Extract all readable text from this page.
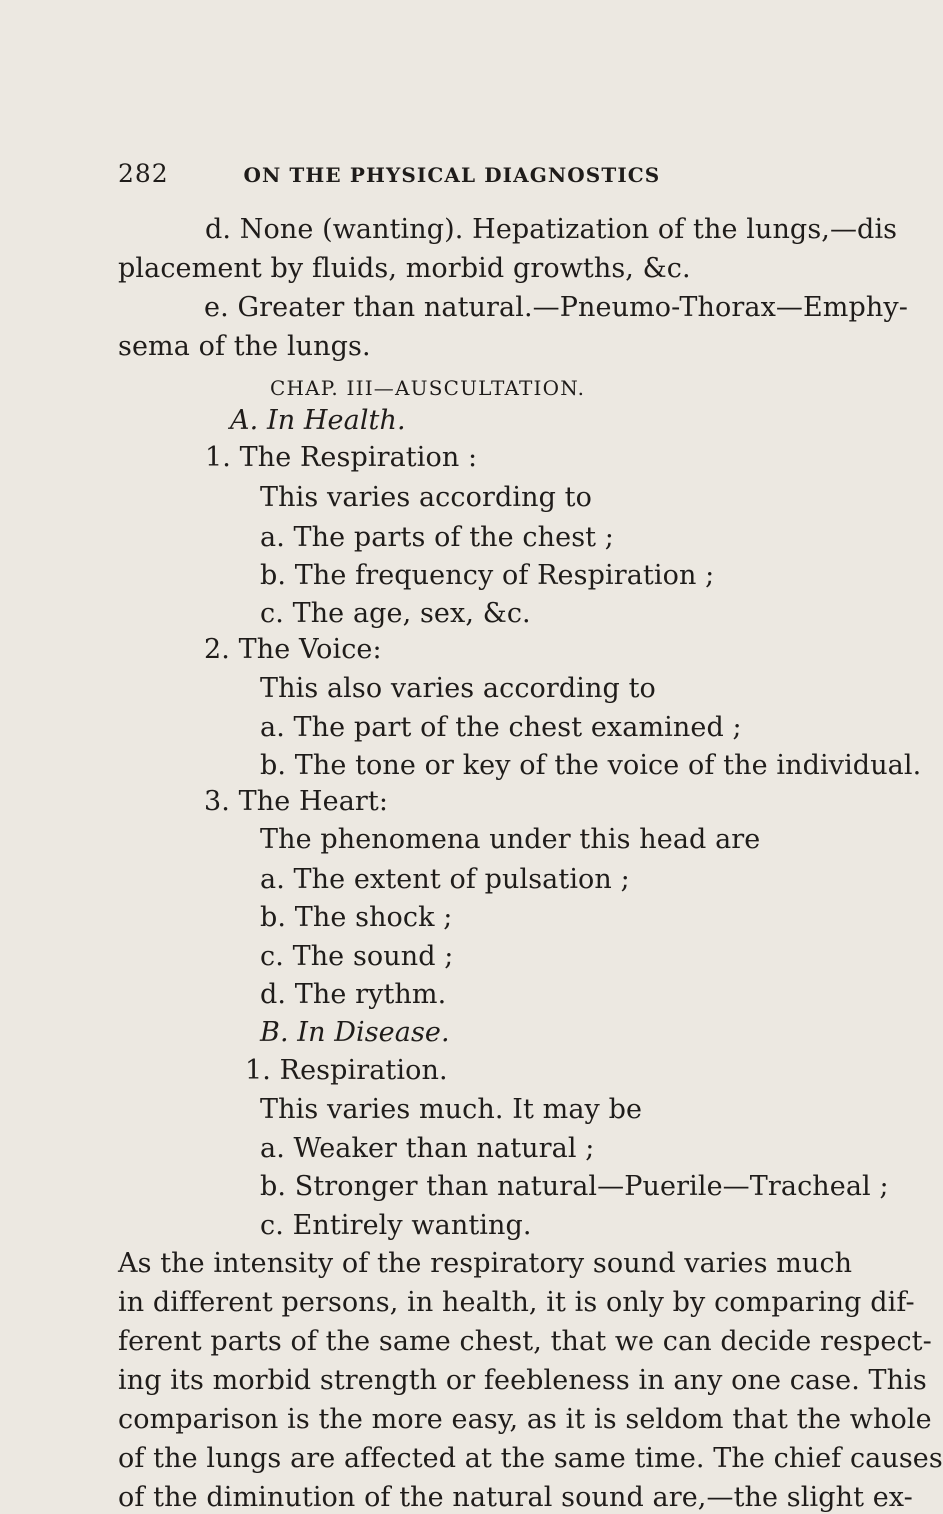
282	ON THE PHYSICAL DIAGNOSTICS
d. None (wanting). Hepatization of the lungs,—dis
placement by fluids, morbid growths, &c.
e. Greater than natural.—Pneumo-Thorax—Emphy-
sema of the lungs.
CHAP. III—AUSCULTATION.
A. In Health.
1. The Respiration :
This varies according to
a. The parts of the chest ;
b. The frequency of Respiration ;
c. The age, sex, &c.
2. The Voice:
This also varies according to
a. The part of the chest examined ;
b. The tone or key of the voice of the individual.
3. The Heart:
The phenomena under this head are
a. The extent of pulsation ;
b. The shock ;
c. The sound ;
d. The rythm.
B. In Disease.
1. Respiration.
This varies much. It may be
a. Weaker than natural ;
b. Stronger than natural—Puerile—Tracheal ;
c. Entirely wanting.
As the intensity of the respiratory sound varies much
in different persons, in health, it is only by comparing dif-
ferent parts of the same chest, that we can decide respect-
ing its morbid strength or feebleness in any one case. This
comparison is the more easy, as it is seldom that the whole
of the lungs are affected at the same time. The chief causes
of the diminution of the natural sound are,—the slight ex-
